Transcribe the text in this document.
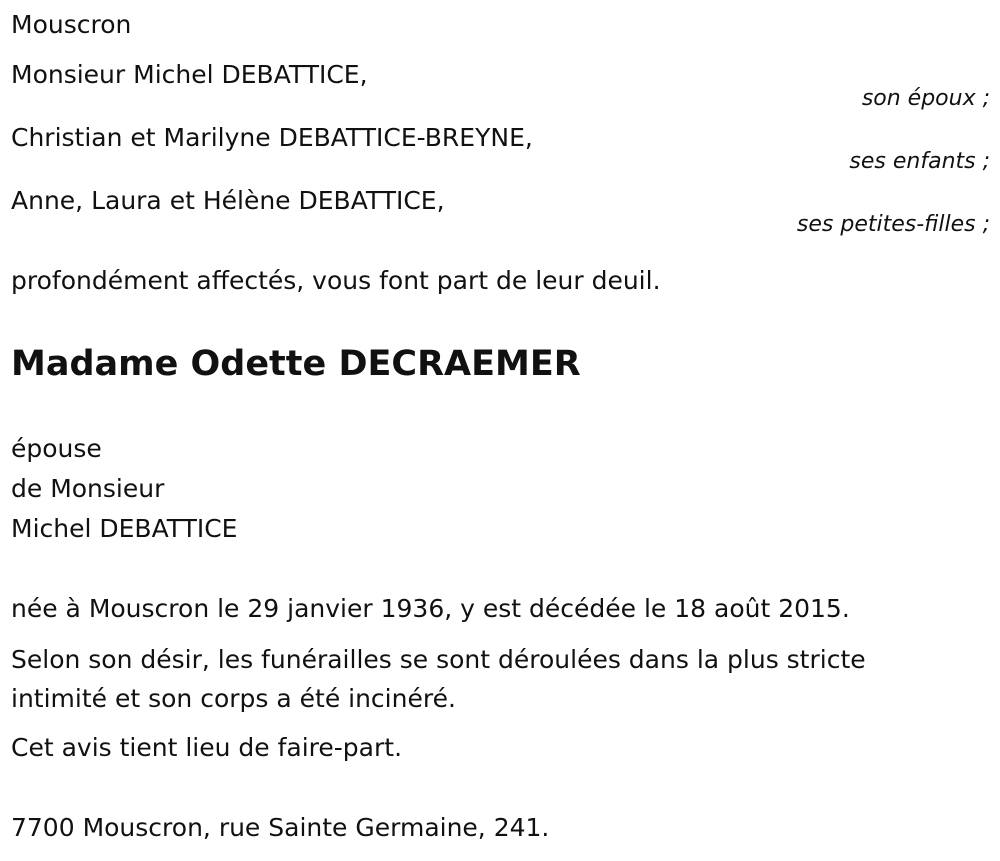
Mouscron
Monsieur Michel DEBATTICE,
son époux ;
Christian et Marilyne DEBATTICE-BREYNE,
ses enfants ;
Anne, Laura et Hélène DEBATTICE,
ses petites-filles ;
profondément affectés, vous font part de leur deuil.
Madame Odette DECRAEMER
épouse
de Monsieur
Michel DEBATTICE
née à Mouscron le 29 janvier 1936, y est décédée le 18 août 2015.
Selon son désir, les funérailles se sont déroulées dans la plus stricte
intimité et son corps a été incinéré.
Cet avis tient lieu de faire-part.
7700 Mouscron, rue Sainte Germaine, 241.
